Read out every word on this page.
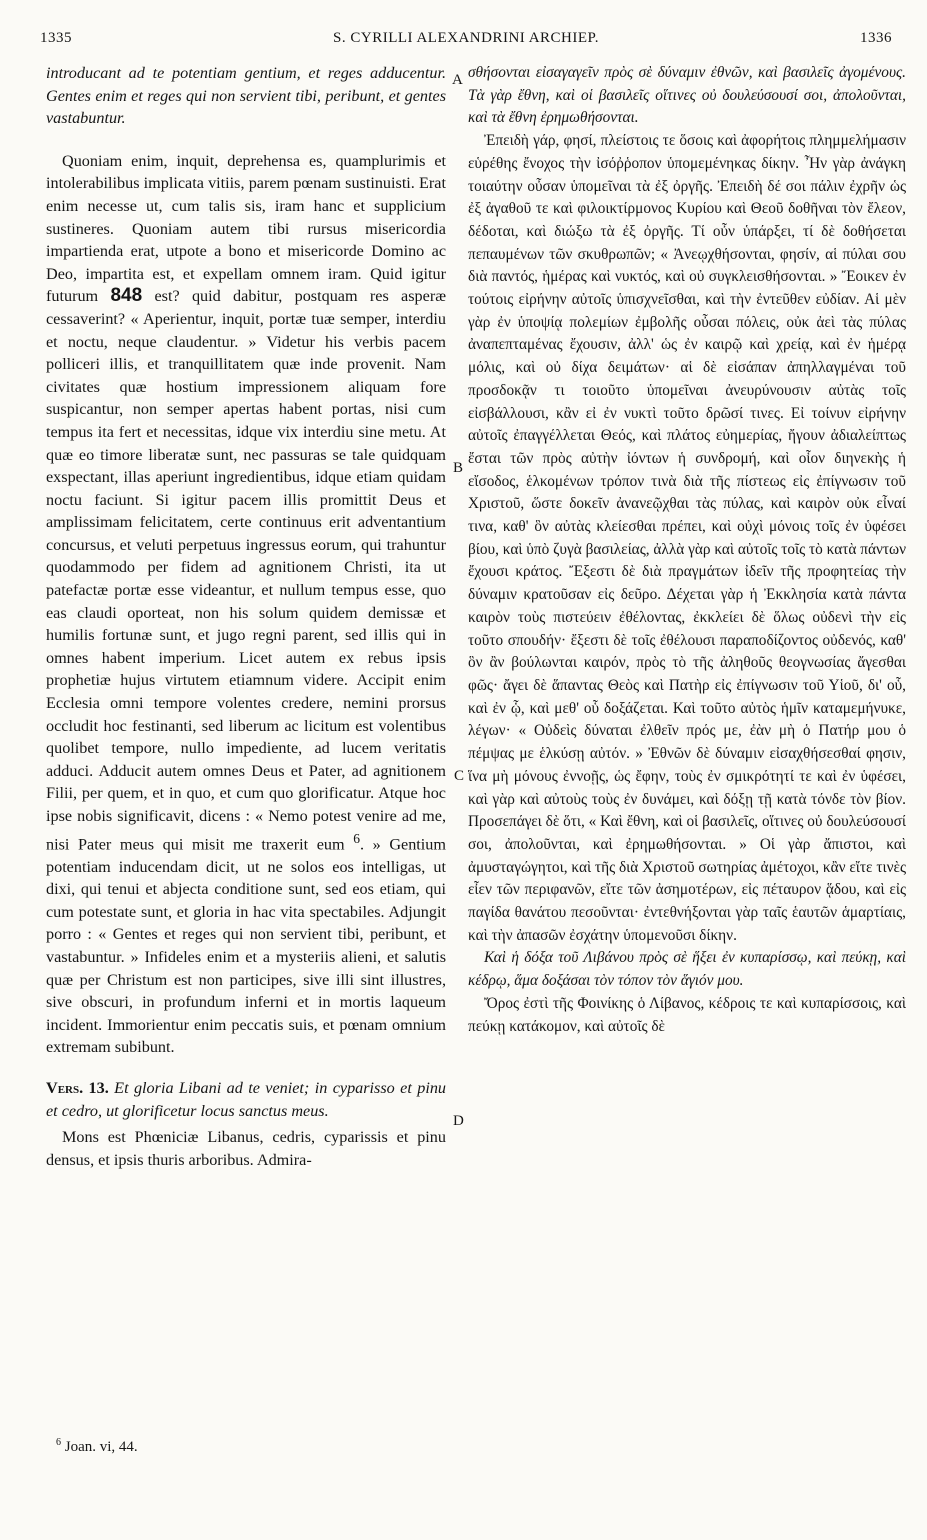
1335	S. CYRILLI ALEXANDRINI ARCHIEP.	1336

introducant ad te potentiam gentium, et reges adducentur. Gentes enim et reges qui non servient tibi, peribunt, et gentes vastabuntur.

Quoniam enim, inquit, deprehensa es, quamplurimis et intolerabilibus implicata vitiis, parem pœnam sustinuisti. Erat enim necesse ut, cum talis sis, iram hanc et supplicium sustineres. Quoniam autem tibi rursus misericordia impartienda erat, utpote a bono et misericorde Domino ac Deo, impartita est, et expellam omnem iram. Quid igitur futurum 848 est? quid dabitur, postquam res asperæ cessaverint? « Aperientur, inquit, portæ tuæ semper, interdiu et noctu, neque claudentur. » Videtur his verbis pacem polliceri illis, et tranquillitatem quæ inde provenit. Nam civitates quæ hostium impressionem aliquam fore suspicantur, non semper apertas habent portas, nisi cum tempus ita fert et necessitas, idque vix interdiu sine metu. At quæ eo timore liberatæ sunt, nec passuras se tale quidquam exspectant, illas aperiunt ingredientibus, idque etiam quidam noctu faciunt. Si igitur pacem illis promittit Deus et amplissimam felicitatem, certe continuus erit adventantium concursus, et veluti perpetuus ingressus eorum, qui trahuntur quodammodo per fidem ad agnitionem Christi, ita ut patefactæ portæ esse videantur, et nullum tempus esse, quo eas claudi oporteat, non his solum quidem demissæ et humilis fortunæ sunt, et jugo regni parent, sed illis qui in omnes habent imperium. Licet autem ex rebus ipsis prophetiæ hujus virtutem etiamnum videre. Accipit enim Ecclesia omni tempore volentes credere, nemini prorsus occludit hoc festinanti, sed liberum ac licitum est volentibus quolibet tempore, nullo impediente, ad lucem veritatis adduci. Adducit autem omnes Deus et Pater, ad agnitionem Filii, per quem, et in quo, et cum quo glorificatur. Atque hoc ipse nobis significavit, dicens : « Nemo potest venire ad me, nisi Pater meus qui misit me traxerit eum $^6$. » Gentium potentiam inducendam dicit, ut ne solos eos intelligas, ut dixi, qui tenui et abjecta conditione sunt, sed eos etiam, qui cum potestate sunt, et gloria in hac vita spectabiles. Adjungit porro : « Gentes et reges qui non servient tibi, peribunt, et vastabuntur. » Infideles enim et a mysteriis alieni, et salutis quæ per Christum est non participes, sive illi sint illustres, sive obscuri, in profundum inferni et in mortis laqueum incident. Immorientur enim peccatis suis, et pœnam omnium extremam subibunt.

Vers. 13. Et gloria Libani ad te veniet; in cyparisso et pinu et cedro, ut glorificetur locus sanctus meus.

Mons est Phœniciæ Libanus, cedris, cyparissis et pinu densus, et ipsis thuris arboribus. Admira-

σθήσονται εἰσαγαγεῖν πρὸς σὲ δύναμιν ἐθνῶν, καὶ βασιλεῖς ἀγομένους. Τὰ γὰρ ἔθνη, καὶ οἱ βασιλεῖς οἵτινες οὐ δουλεύσουσί σοι, ἀπολοῦνται, καὶ τὰ ἔθνη ἐρημωθήσονται.

Ἐπειδὴ γάρ, φησί, πλείστοις τε ὅσοις καὶ ἀφορήτοις πλημμελήμασιν εὑρέθης ἔνοχος τὴν ἰσόῤῥοπον ὑπομεμένηκας δίκην. Ἦν γὰρ ἀνάγκη τοιαύτην οὖσαν ὑπομεῖναι τὰ ἐξ ὀργῆς. Ἐπειδὴ δέ σοι πάλιν ἐχρῆν ὡς ἐξ ἀγαθοῦ τε καὶ φιλοικτίρμονος Κυρίου καὶ Θεοῦ δοθῆναι τὸν ἔλεον, δέδοται, καὶ διώξω τὰ ἐξ ὀργῆς. Τί οὖν ὑπάρξει, τί δὲ δοθήσεται πεπαυμένων τῶν σκυθρωπῶν; « Ἀνεῳχθήσονται, φησίν, αἱ πύλαι σου διὰ παντός, ἡμέρας καὶ νυκτός, καὶ οὐ συγκλεισθήσονται. » Ἔοικεν ἐν τούτοις εἰρήνην αὐτοῖς ὑπισχνεῖσθαι, καὶ τὴν ἐντεῦθεν εὐδίαν. Αἱ μὲν γὰρ ἐν ὑποψίᾳ πολεμίων ἐμβολῆς οὖσαι πόλεις, οὐκ ἀεὶ τὰς πύλας ἀναπεπταμένας ἔχουσιν, ἀλλ' ὡς ἐν καιρῷ καὶ χρείᾳ, καὶ ἐν ἡμέρᾳ μόλις, καὶ οὐ δίχα δειμάτων· αἱ δὲ εἰσάπαν ἀπηλλαγμέναι τοῦ προσδοκᾷν τι τοιοῦτο ὑπομεῖναι ἀνευρύνουσιν αὐτὰς τοῖς εἰσβάλλουσι, κἂν εἰ ἐν νυκτὶ τοῦτο δρῶσί τινες. Εἰ τοίνυν εἰρήνην αὐτοῖς ἐπαγγέλλεται Θεός, καὶ πλάτος εὐημερίας, ἤγουν ἀδιαλείπτως ἔσται τῶν πρὸς αὐτὴν ἰόντων ἡ συνδρομή, καὶ οἷον διηνεκὴς ἡ εἴσοδος, ἑλκομένων τρόπον τινὰ διὰ τῆς πίστεως εἰς ἐπίγνωσιν τοῦ Χριστοῦ, ὥστε δοκεῖν ἀνανεῷχθαι τὰς πύλας, καὶ καιρὸν οὐκ εἶναί τινα, καθ' ὃν αὐτὰς κλείεσθαι πρέπει, καὶ οὐχὶ μόνοις τοῖς ἐν ὑφέσει βίου, καὶ ὑπὸ ζυγὰ βασιλείας, ἀλλὰ γὰρ καὶ αὐτοῖς τοῖς τὸ κατὰ πάντων ἔχουσι κράτος. Ἔξεστι δὲ διὰ πραγμάτων ἰδεῖν τῆς προφητείας τὴν δύναμιν κρατοῦσαν εἰς δεῦρο. Δέχεται γὰρ ἡ Ἐκκλησία κατὰ πάντα καιρὸν τοὺς πιστεύειν ἐθέλοντας, ἐκκλείει δὲ ὅλως οὐδενὶ τὴν εἰς τοῦτο σπουδήν· ἔξεστι δὲ τοῖς ἐθέλουσι παραποδίζοντος οὐδενός, καθ' ὃν ἂν βούλωνται καιρόν, πρὸς τὸ τῆς ἀληθοῦς θεογνωσίας ἄγεσθαι φῶς· ἄγει δὲ ἅπαντας Θεὸς καὶ Πατὴρ εἰς ἐπίγνωσιν τοῦ Υἱοῦ, δι' οὗ, καὶ ἐν ᾧ, καὶ μεθ' οὗ δοξάζεται. Καὶ τοῦτο αὐτὸς ἡμῖν καταμεμήνυκε, λέγων· « Οὐδεὶς δύναται ἐλθεῖν πρός με, ἐὰν μὴ ὁ Πατήρ μου ὁ πέμψας με ἑλκύσῃ αὐτόν. » Ἐθνῶν δὲ δύναμιν εἰσαχθήσεσθαί φησιν, ἵνα μὴ μόνους ἐννοῇς, ὡς ἔφην, τοὺς ἐν σμικρότητί τε καὶ ἐν ὑφέσει, καὶ γὰρ καὶ αὐτοὺς τοὺς ἐν δυνάμει, καὶ δόξῃ τῇ κατὰ τόνδε τὸν βίον. Προσεπάγει δὲ ὅτι, « Καὶ ἔθνη, καὶ οἱ βασιλεῖς, οἵτινες οὐ δουλεύσουσί σοι, ἀπολοῦνται, καὶ ἐρημωθήσονται. » Οἱ γὰρ ἄπιστοι, καὶ ἀμυσταγώγητοι, καὶ τῆς διὰ Χριστοῦ σωτηρίας ἀμέτοχοι, κἂν εἴτε τινὲς εἶεν τῶν περιφανῶν, εἴτε τῶν ἀσημοτέρων, εἰς πέταυρον ᾅδου, καὶ εἰς παγίδα θανάτου πεσοῦνται· ἐντεθνήξονται γὰρ ταῖς ἑαυτῶν ἁμαρτίαις, καὶ τὴν ἀπασῶν ἐσχάτην ὑπομενοῦσι δίκην.

Καὶ ἡ δόξα τοῦ Λιβάνου πρὸς σὲ ἥξει ἐν κυπαρίσσῳ, καὶ πεύκῃ, καὶ κέδρῳ, ἅμα δοξάσαι τὸν τόπον τὸν ἅγιόν μου.

Ὄρος ἐστὶ τῆς Φοινίκης ὁ Λίβανος, κέδροις τε καὶ κυπαρίσσοις, καὶ πεύκῃ κατάκομον, καὶ αὐτοῖς δὲ

A
B
C
D
$^6$ Joan. vi, 44.
